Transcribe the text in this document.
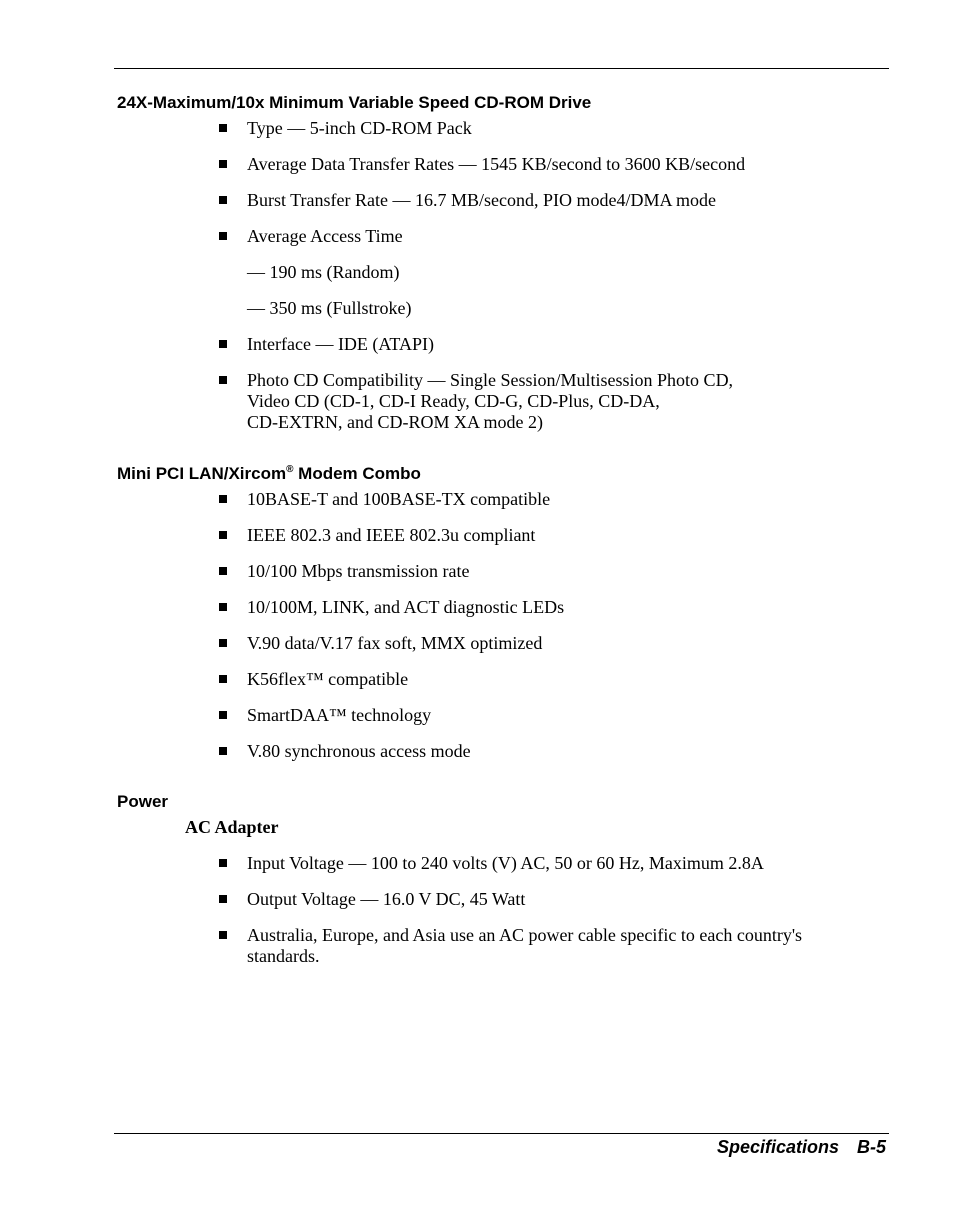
24X-Maximum/10x Minimum Variable Speed CD-ROM Drive
Type — 5-inch CD-ROM Pack
Average Data Transfer Rates — 1545 KB/second to 3600 KB/second
Burst Transfer Rate — 16.7 MB/second, PIO mode4/DMA mode
Average Access Time
— 190 ms (Random)
— 350 ms (Fullstroke)
Interface — IDE (ATAPI)
Photo CD Compatibility — Single Session/Multisession Photo CD,
Video CD (CD-1, CD-I Ready, CD-G, CD-Plus, CD-DA,
CD-EXTRN, and CD-ROM XA mode 2)
Mini PCI LAN/Xircom® Modem Combo
10BASE-T and 100BASE-TX compatible
IEEE 802.3 and IEEE 802.3u compliant
10/100 Mbps transmission rate
10/100M, LINK, and ACT diagnostic LEDs
V.90 data/V.17 fax soft, MMX optimized
K56flex™ compatible
SmartDAA™ technology
V.80 synchronous access mode
Power
AC Adapter
Input Voltage — 100 to 240 volts (V) AC, 50 or 60 Hz, Maximum 2.8A
Output Voltage — 16.0 V DC, 45 Watt
Australia, Europe, and Asia use an AC power cable specific to each country's
standards.
Specifications B-5
